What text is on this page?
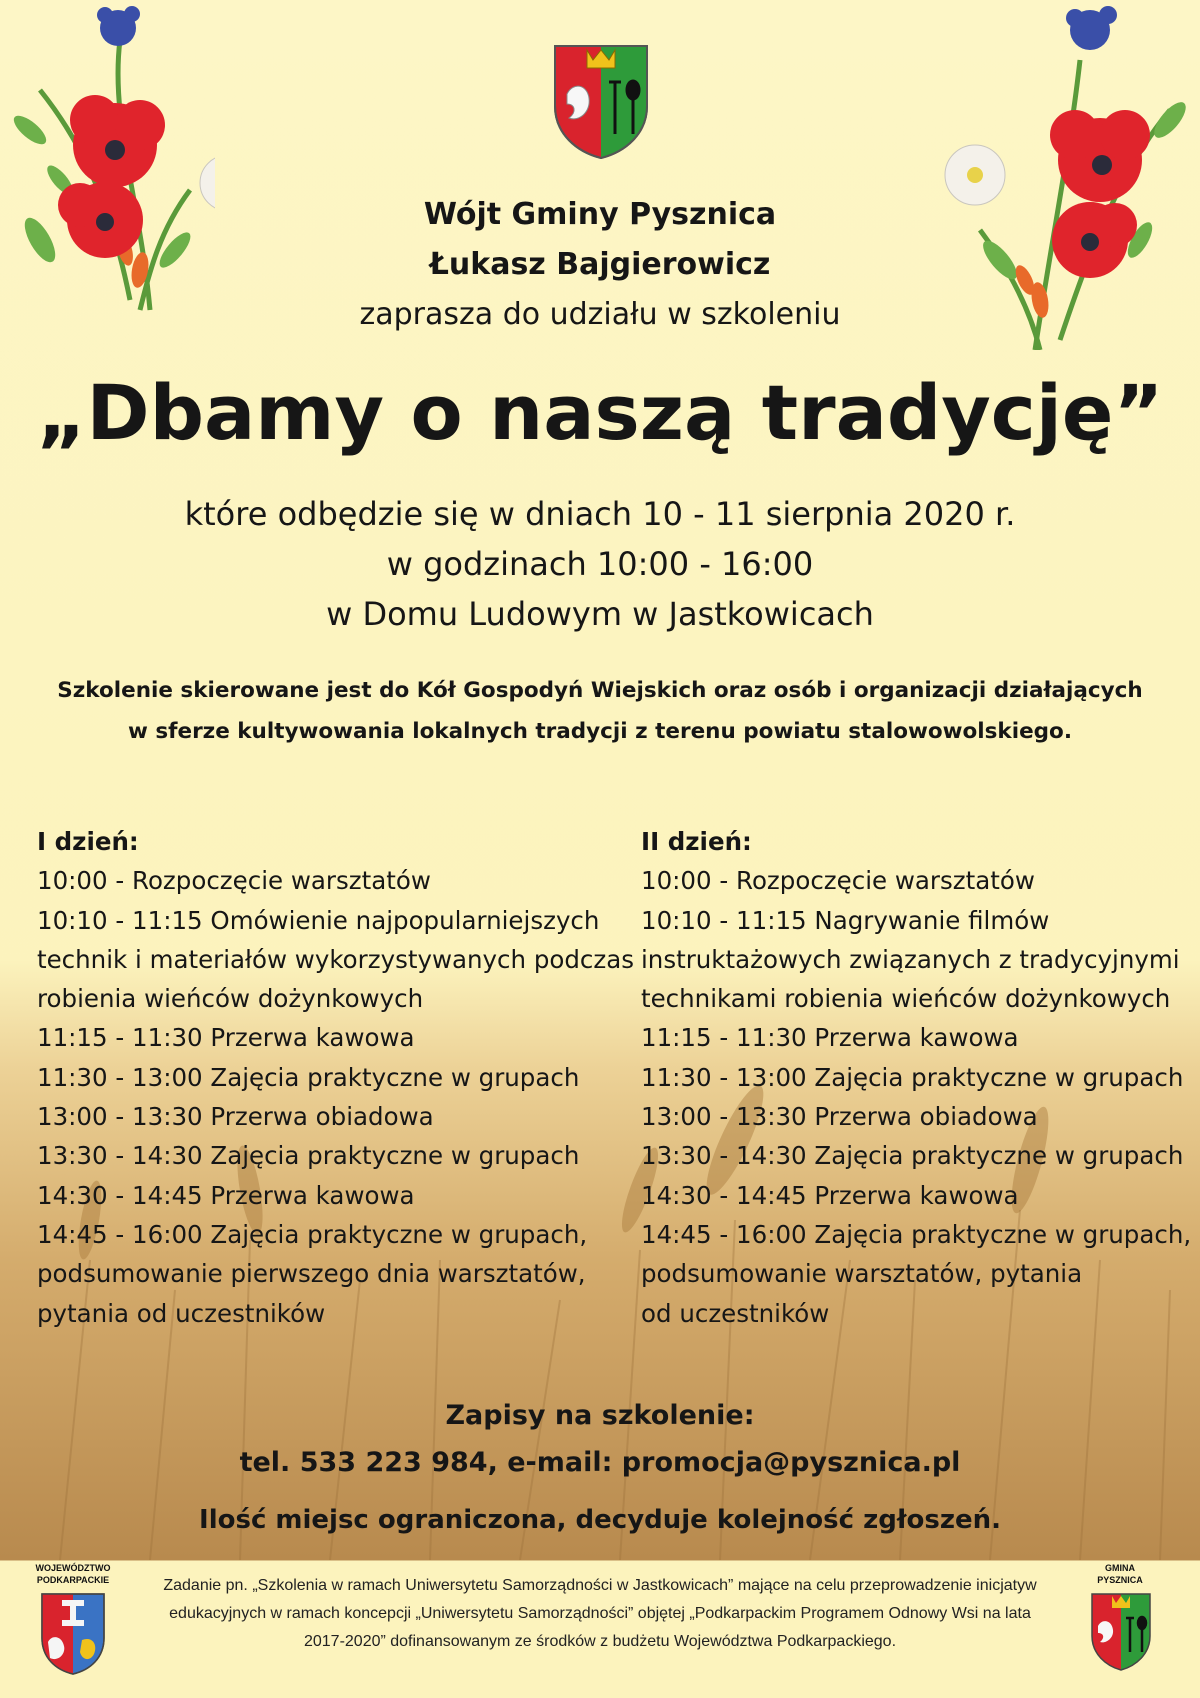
Wójt Gminy Pysznica
Łukasz Bajgierowicz
zaprasza do udziału w szkoleniu
„Dbamy o naszą tradycję”
które odbędzie się w dniach 10 - 11 sierpnia 2020 r.
w godzinach 10:00 - 16:00
w Domu Ludowym w Jastkowicach
Szkolenie skierowane jest do Kół Gospodyń Wiejskich oraz osób i organizacji działających
w sferze kultywowania lokalnych tradycji z terenu powiatu stalowowolskiego.
I dzień:
10:00 - Rozpoczęcie warsztatów
10:10 - 11:15 Omówienie najpopularniejszych
technik i materiałów wykorzystywanych podczas
robienia wieńców dożynkowych
11:15 - 11:30 Przerwa kawowa
11:30 - 13:00 Zajęcia praktyczne w grupach
13:00 - 13:30 Przerwa obiadowa
13:30 - 14:30 Zajęcia praktyczne w grupach
14:30 - 14:45 Przerwa kawowa
14:45 - 16:00 Zajęcia praktyczne w grupach,
podsumowanie pierwszego dnia warsztatów,
pytania od uczestników
II dzień:
10:00 - Rozpoczęcie warsztatów
10:10 - 11:15 Nagrywanie filmów
instruktażowych związanych z tradycyjnymi
technikami robienia wieńców dożynkowych
11:15 - 11:30 Przerwa kawowa
11:30 - 13:00 Zajęcia praktyczne w grupach
13:00 - 13:30 Przerwa obiadowa
13:30 - 14:30 Zajęcia praktyczne w grupach
14:30 - 14:45 Przerwa kawowa
14:45 - 16:00 Zajęcia praktyczne w grupach,
podsumowanie warsztatów, pytania
od uczestników
Zapisy na szkolenie:
tel. 533 223 984, e-mail: promocja@pysznica.pl
Ilość miejsc ograniczona, decyduje kolejność zgłoszeń.
WOJEWÓDZTWO
PODKARPACKIE	Zadanie pn. „Szkolenia w ramach Uniwersytetu Samorządności w Jastkowicach” mające na celu przeprowadzenie inicjatyw
edukacyjnych w ramach koncepcji „Uniwersytetu Samorządności” objętej „Podkarpackim Programem Odnowy Wsi na lata
2017-2020” dofinansowanym ze środków z budżetu Województwa Podkarpackiego.
GMINA
PYSZNICA
